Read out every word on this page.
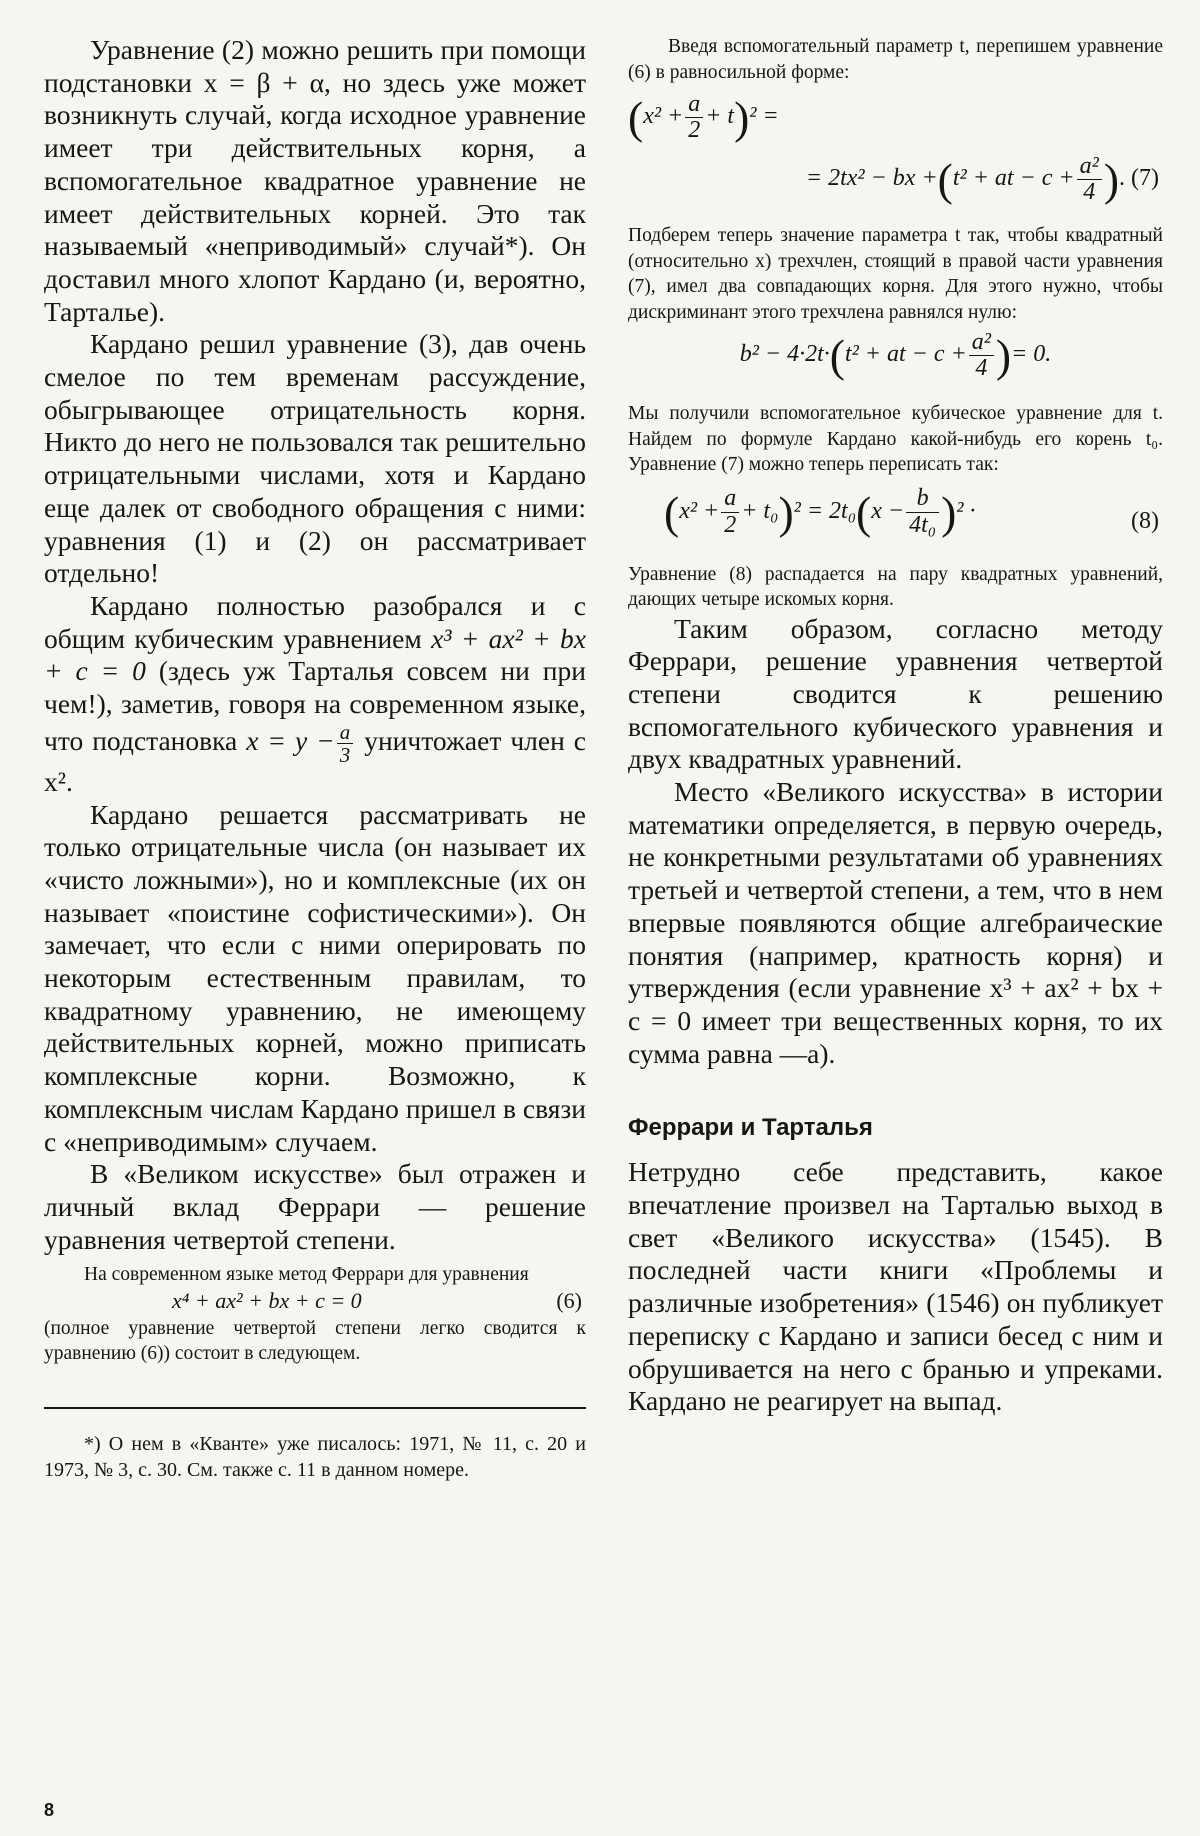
Уравнение (2) можно решить при помощи подстановки x = β + α, но здесь уже может возникнуть случай, когда исходное уравнение имеет три действительных корня, а вспомогательное квадратное уравнение не имеет действительных корней. Это так называемый «неприводимый» случай*). Он доставил много хлопот Кардано (и, вероятно, Тарталье).

Кардано решил уравнение (3), дав очень смелое по тем временам рассуждение, обыгрывающее отрицательность корня. Никто до него не пользовался так решительно отрицательными числами, хотя и Кардано еще далек от свободного обращения с ними: уравнения (1) и (2) он рассматривает отдельно!

Кардано полностью разобрался и с общим кубическим уравнением x³ + ax² + bx + c = 0 (здесь уж Тарталья совсем ни при чем!), заметив, говоря на современном языке, что подстановка $x = y - \frac{a}{3}$ уничтожает член с x².

Кардано решается рассматривать не только отрицательные числа (он называет их «чисто ложными»), но и комплексные (их он называет «поистине софистическими»). Он замечает, что если с ними оперировать по некоторым естественным правилам, то квадратному уравнению, не имеющему действительных корней, можно приписать комплексные корни. Возможно, к комплексным числам Кардано пришел в связи с «неприводимым» случаем.

В «Великом искусстве» был отражен и личный вклад Феррари — решение уравнения четвертой степени.

На современном языке метод Феррари для уравнения

x⁴ + ax² + bx + c = 0	(6)

(полное уравнение четвертой степени легко сводится к уравнению (6)) состоит в следующем.

*) О нем в «Кванте» уже писалось: 1971, № 11, с. 20 и 1973, № 3, с. 30. См. также с. 11 в данном номере.

Введя вспомогательный параметр t, перепишем уравнение (6) в равносильной форме:

$(x^2 + \frac{a}{2} + t)^2$ =
= 2tx² − bx +(t² + at − $c + \frac{\text{a²}}{4}$ ). (7)

Подберем теперь значение параметра t так, чтобы квадратный (относительно x) трехчлен, стоящий в правой части уравнения (7), имел два совпадающих корня. Для этого нужно, чтобы дискриминант этого трехчлена равнялся нулю:

b² − 4·2t·(t² + at − $c + \frac{\text{a²}}{4}$ )= 0.

Мы получили вспомогательное кубическое уравнение для t. Найдем по формуле Кардано какой-нибудь его корень t₀. Уравнение (7) можно теперь переписать так:

$(x^2 + \frac{a}{2} + t_0)^2 = 2t_0(x - \frac{b}{\text{4t₀}} )^2$ ·	(8)

Уравнение (8) распадается на пару квадратных уравнений, дающих четыре искомых корня.

Таким образом, согласно методу Феррари, решение уравнения четвертой степени сводится к решению вспомогательного кубического уравнения и двух квадратных уравнений.

Место «Великого искусства» в истории математики определяется, в первую очередь, не конкретными результатами об уравнениях третьей и четвертой степени, а тем, что в нем впервые появляются общие алгебраические понятия (например, кратность корня) и утверждения (если уравнение x³ + ax² + bx + c = 0 имеет три вещественных корня, то их сумма равна —a).

Феррари и Тарталья

Нетрудно себе представить, какое впечатление произвел на Тарталью выход в свет «Великого искусства» (1545). В последней части книги «Проблемы и различные изобретения» (1546) он публикует переписку с Кардано и записи бесед с ним и обрушивается на него с бранью и упреками. Кардано не реагирует на выпад.

8
